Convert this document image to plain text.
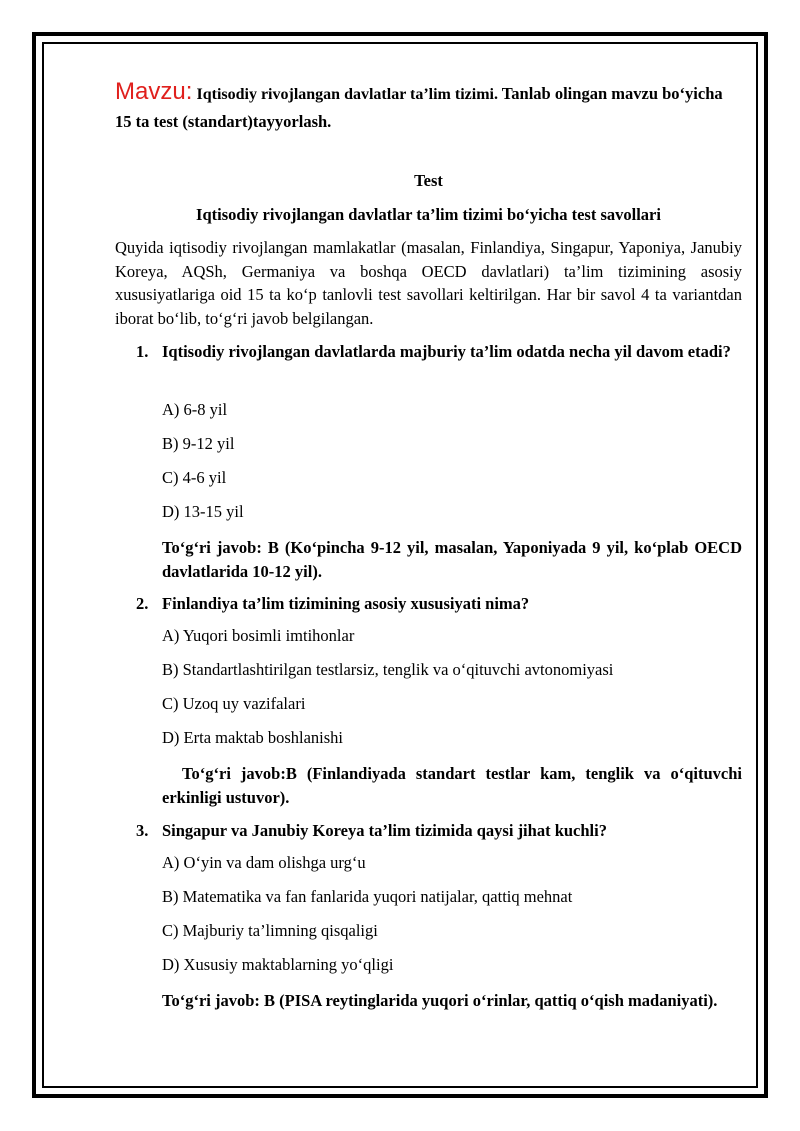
Mavzu: Iqtisodiy rivojlangan davlatlar ta’lim tizimi. Tanlab olingan mavzu bo‘yicha 15 ta test (standart)tayyorlash.

Test

Iqtisodiy rivojlangan davlatlar ta’lim tizimi bo‘yicha test savollari

Quyida iqtisodiy rivojlangan mamlakatlar (masalan, Finlandiya, Singapur, Yaponiya, Janubiy Koreya, AQSh, Germaniya va boshqa OECD davlatlari) ta’lim tizimining asosiy xususiyatlariga oid 15 ta ko‘p tanlovli test savollari keltirilgan. Har bir savol 4 ta variantdan iborat bo‘lib, to‘g‘ri javob belgilangan.

1. Iqtisodiy rivojlangan davlatlarda majburiy ta’lim odatda necha yil davom etadi?

A) 6-8 yil
B) 9-12 yil
C) 4-6 yil
D) 13-15 yil

To‘g‘ri javob: B (Ko‘pincha 9-12 yil, masalan, Yaponiyada 9 yil, ko‘plab OECD davlatlarida 10-12 yil).

2. Finlandiya ta’lim tizimining asosiy xususiyati nima?

A) Yuqori bosimli imtihonlar
B) Standartlashtirilgan testlarsiz, tenglik va o‘qituvchi avtonomiyasi
C) Uzoq uy vazifalari
D) Erta maktab boshlanishi

To‘g‘ri javob:B (Finlandiyada standart testlar kam, tenglik va o‘qituvchi erkinligi ustuvor).

3. Singapur va Janubiy Koreya ta’lim tizimida qaysi jihat kuchli?

A) O‘yin va dam olishga urg‘u
B) Matematika va fan fanlarida yuqori natijalar, qattiq mehnat
C) Majburiy ta’limning qisqaligi
D) Xususiy maktablarning yo‘qligi

To‘g‘ri javob: B (PISA reytinglarida yuqori o‘rinlar, qattiq o‘qish madaniyati).
